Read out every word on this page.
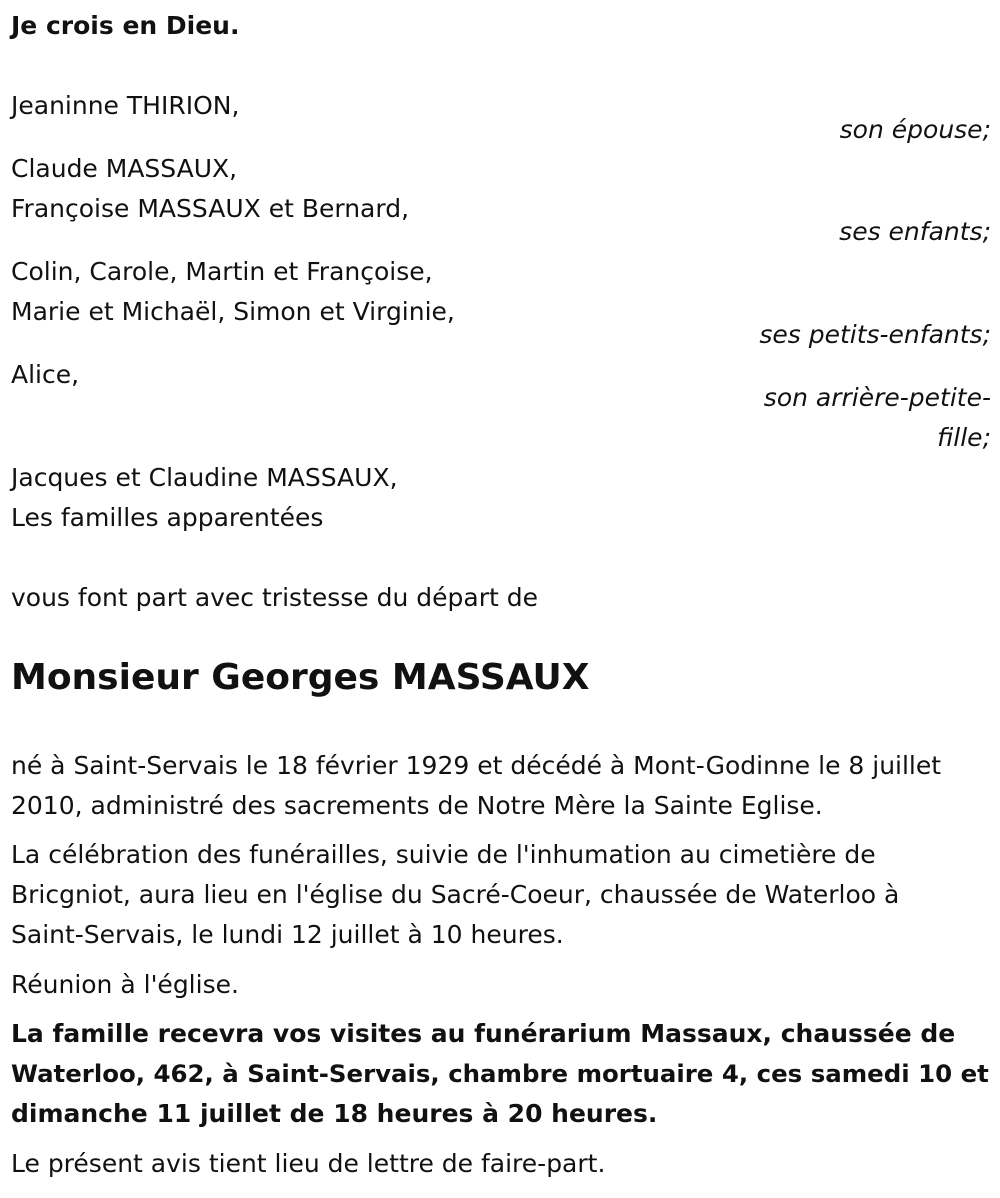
Je crois en Dieu.
Jeaninne THIRION,
son épouse;
Claude MASSAUX,
Françoise MASSAUX et Bernard,
ses enfants;
Colin, Carole, Martin et Françoise,
Marie et Michaël, Simon et Virginie,
ses petits-enfants;
Alice,
son arrière-petite-
fille;
Jacques et Claudine MASSAUX,
Les familles apparentées
vous font part avec tristesse du départ de
Monsieur Georges MASSAUX
né à Saint-Servais le 18 février 1929 et décédé à Mont-Godinne le 8 juillet
2010, administré des sacrements de Notre Mère la Sainte Eglise.
La célébration des funérailles, suivie de l'inhumation au cimetière de
Bricgniot, aura lieu en l'église du Sacré-Coeur, chaussée de Waterloo à
Saint-Servais, le lundi 12 juillet à 10 heures.
Réunion à l'église.
La famille recevra vos visites au funérarium Massaux, chaussée de
Waterloo, 462, à Saint-Servais, chambre mortuaire 4, ces samedi 10 et
dimanche 11 juillet de 18 heures à 20 heures.
Le présent avis tient lieu de lettre de faire-part.
